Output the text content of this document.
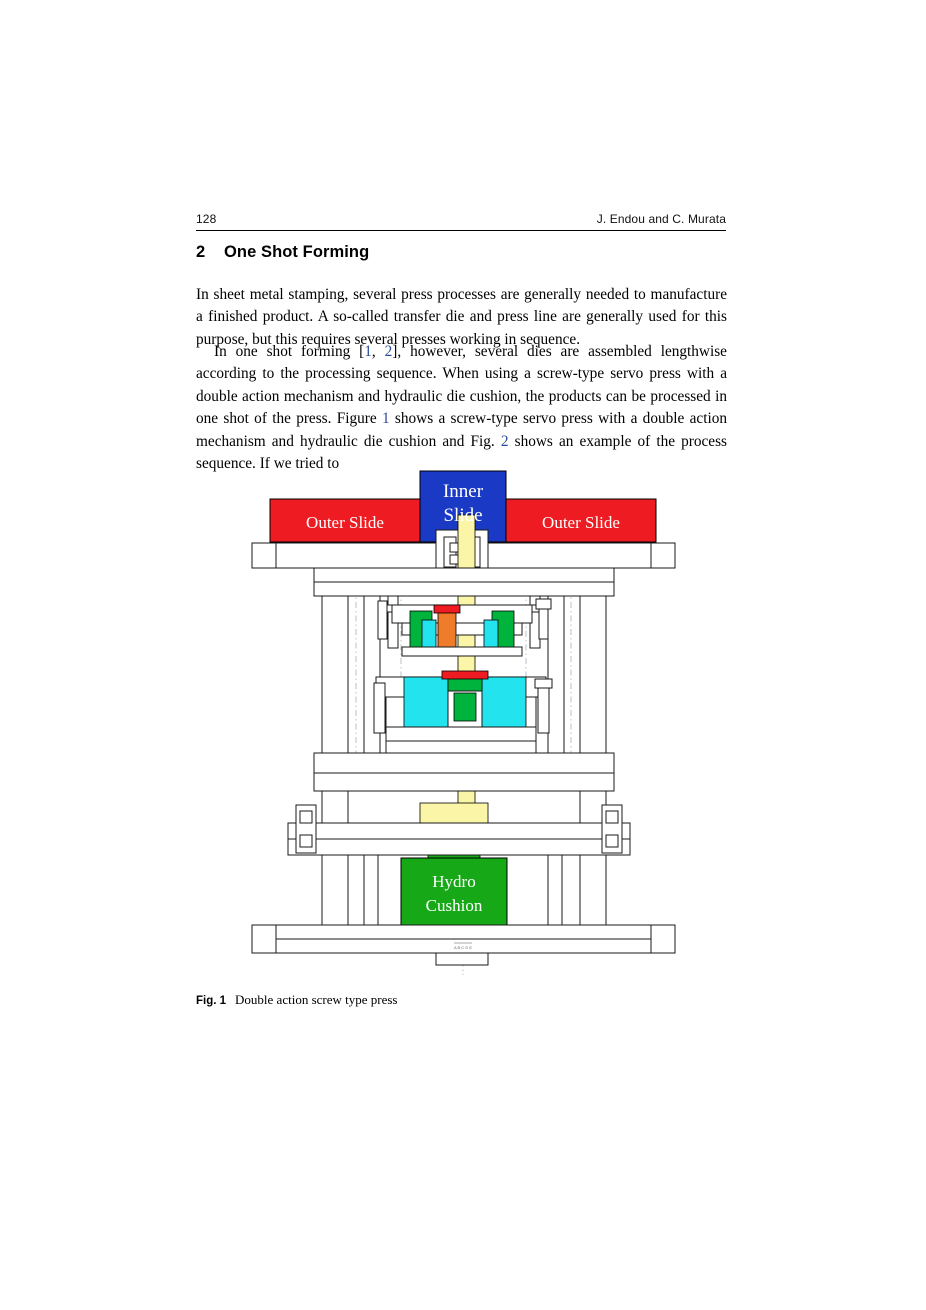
128	J. Endou and C. Murata
2 One Shot Forming
In sheet metal stamping, several press processes are generally needed to manufacture a finished product. A so-called transfer die and press line are generally used for this purpose, but this requires several presses working in sequence.
In one shot forming [1, 2], however, several dies are assembled lengthwise according to the processing sequence. When using a screw-type servo press with a double action mechanism and hydraulic die cushion, the products can be processed in one shot of the press. Figure 1 shows a screw-type servo press with a double action mechanism and hydraulic die cushion and Fig. 2 shows an example of the process sequence. If we tried to
Inner
Slide
Outer Slide	Outer Slide
Hydro
Cushion
A B C D E
Fig. 1 Double action screw type press
